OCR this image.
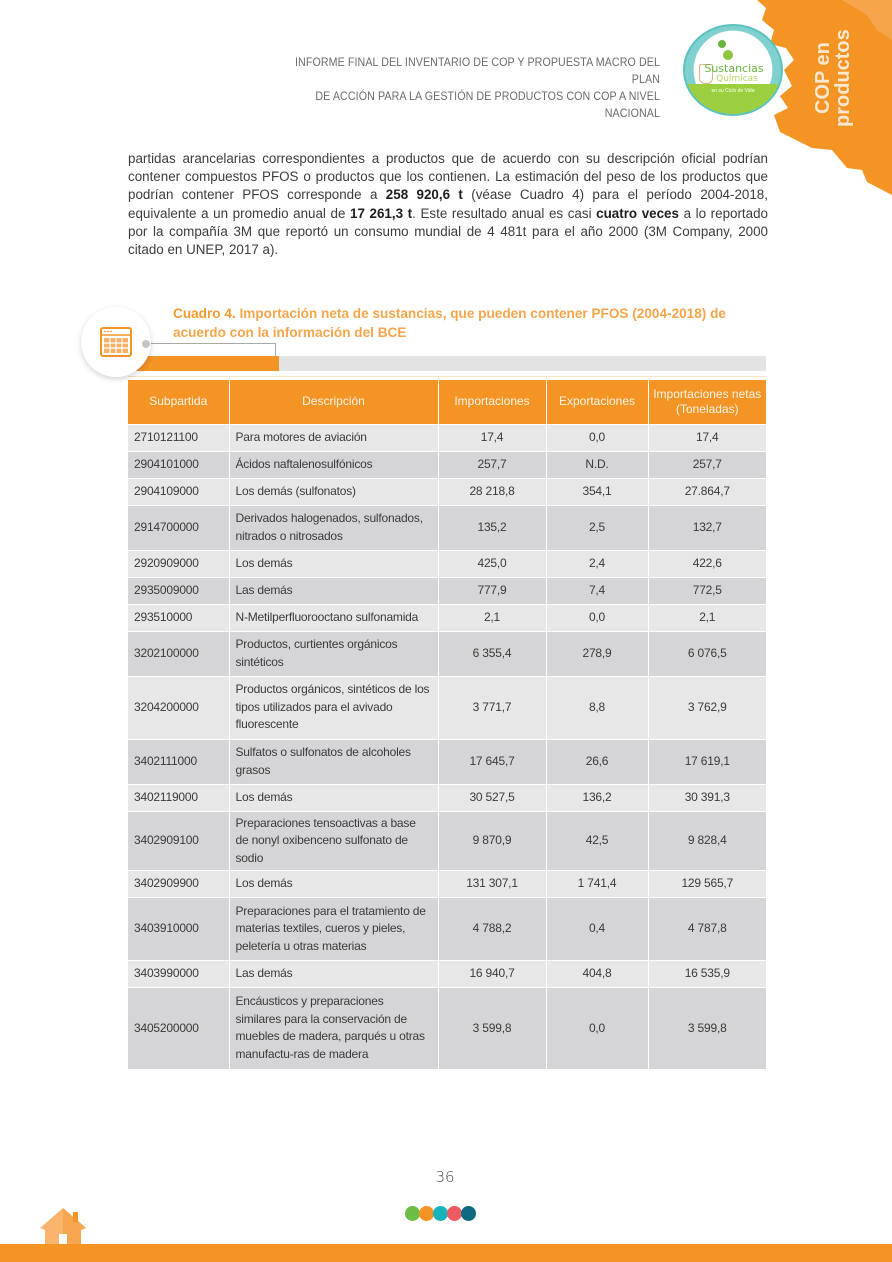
INFORME FINAL DEL INVENTARIO DE COP Y PROPUESTA MACRO DEL PLAN
DE ACCIÓN PARA LA GESTIÓN DE PRODUCTOS CON COP A NIVEL NACIONAL	COP en productos
Sustancias
Químicas
en su Ciclo de Vida

partidas arancelarias correspondientes a productos que de acuerdo con su descripción oficial podrían contener compuestos PFOS o productos que los contienen. La estimación del peso de los productos que podrían contener PFOS corresponde a 258 920,6 t (véase Cuadro 4) para el período 2004-2018, equivalente a un promedio anual de 17 261,3 t. Este resultado anual es casi cuatro veces a lo reportado por la compañía 3M que reportó un consumo mundial de 4 481t para el año 2000 (3M Company, 2000 citado en UNEP, 2017 a).

Cuadro 4. Importación neta de sustancias, que pueden contener PFOS (2004-2018) de acuerdo con la información del BCE
Subpartida	Descripción	Importaciones	Exportaciones	Importaciones netas (Toneladas)
2710121100	Para motores de aviación	17,4	0,0	17,4
2904101000	Ácidos naftalenosulfónicos	257,7	N.D.	257,7
2904109000	Los demás (sulfonatos)	28 218,8	354,1	27.864,7
2914700000	Derivados halogenados, sulfonados, nitrados o nitrosados	135,2	2,5	132,7
2920909000	Los demás	425,0	2,4	422,6
2935009000	Las demás	777,9	7,4	772,5
293510000	N-Metilperfluorooctano sulfonamida	2,1	0,0	2,1
3202100000	Productos, curtientes orgánicos sintéticos	6 355,4	278,9	6 076,5
3204200000	Productos orgánicos, sintéticos de los tipos utilizados para el avivado fluorescente	3 771,7	8,8	3 762,9
3402111000	Sulfatos o sulfonatos de alcoholes grasos	17 645,7	26,6	17 619,1
3402119000	Los demás	30 527,5	136,2	30 391,3
3402909100	Preparaciones tensoactivas a base de nonyl oxibenceno sulfonato de sodio	9 870,9	42,5	9 828,4
3402909900	Los demás	131 307,1	1 741,4	129 565,7
3403910000	Preparaciones para el tratamiento de materias textiles, cueros y pieles, peletería u otras materias	4 788,2	0,4	4 787,8
3403990000	Las demás	16 940,7	404,8	16 535,9
3405200000	Encáusticos y preparaciones similares para la conservación de muebles de madera, parqués u otras manufactu-ras de madera	3 599,8	0,0	3 599,8
36
